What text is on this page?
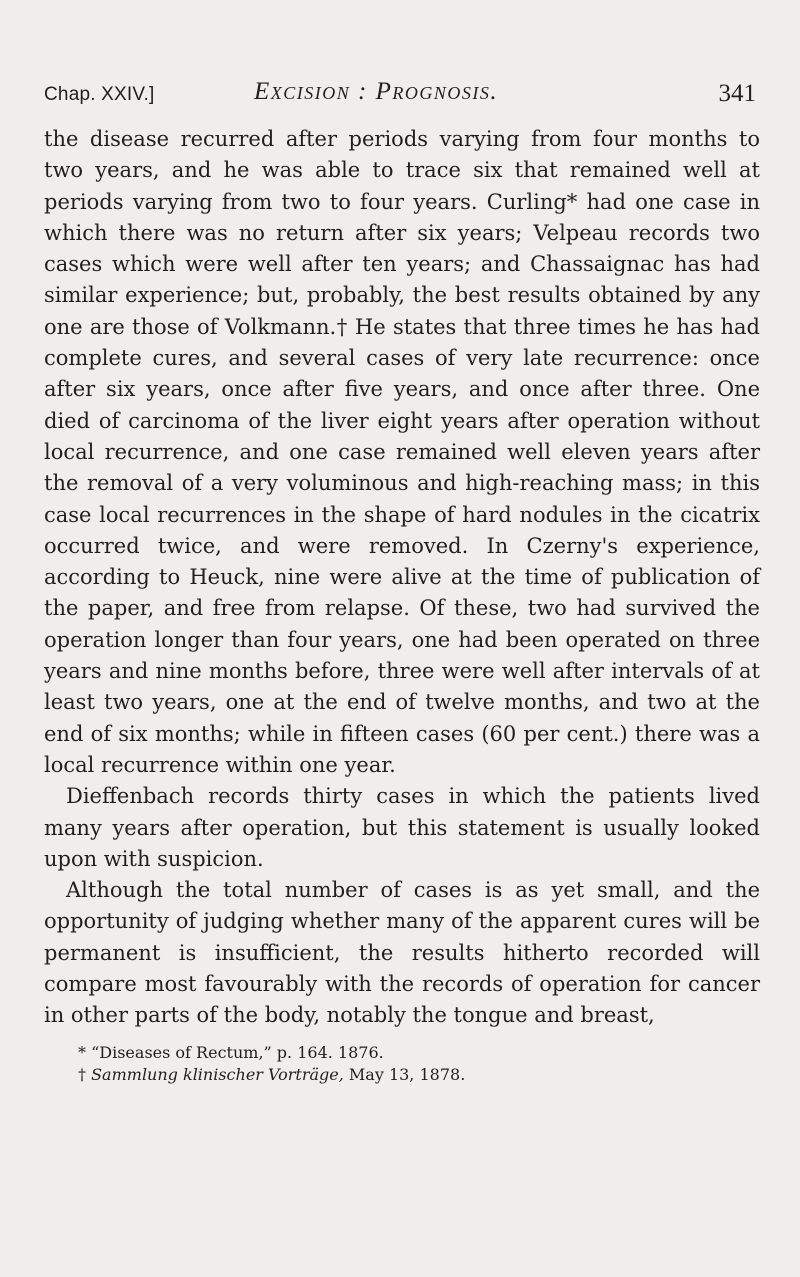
Chap. XXIV.]	Excision : Prognosis.	341

the disease recurred after periods varying from four months to two years, and he was able to trace six that remained well at periods varying from two to four years. Curling* had one case in which there was no return after six years; Velpeau records two cases which were well after ten years; and Chassaignac has had similar experience; but, probably, the best results obtained by any one are those of Volkmann.† He states that three times he has had complete cures, and several cases of very late recurrence: once after six years, once after five years, and once after three. One died of carcinoma of the liver eight years after operation without local recurrence, and one case remained well eleven years after the removal of a very voluminous and high-reaching mass; in this case local recurrences in the shape of hard nodules in the cicatrix occurred twice, and were removed. In Czerny's experience, according to Heuck, nine were alive at the time of publication of the paper, and free from relapse. Of these, two had survived the operation longer than four years, one had been operated on three years and nine months before, three were well after intervals of at least two years, one at the end of twelve months, and two at the end of six months; while in fifteen cases (60 per cent.) there was a local recurrence within one year.

Dieffenbach records thirty cases in which the patients lived many years after operation, but this statement is usually looked upon with suspicion.

Although the total number of cases is as yet small, and the opportunity of judging whether many of the apparent cures will be permanent is insufficient, the results hitherto recorded will compare most favourably with the records of operation for cancer in other parts of the body, notably the tongue and breast,

* “Diseases of Rectum,” p. 164. 1876.
† Sammlung klinischer Vorträge, May 13, 1878.
